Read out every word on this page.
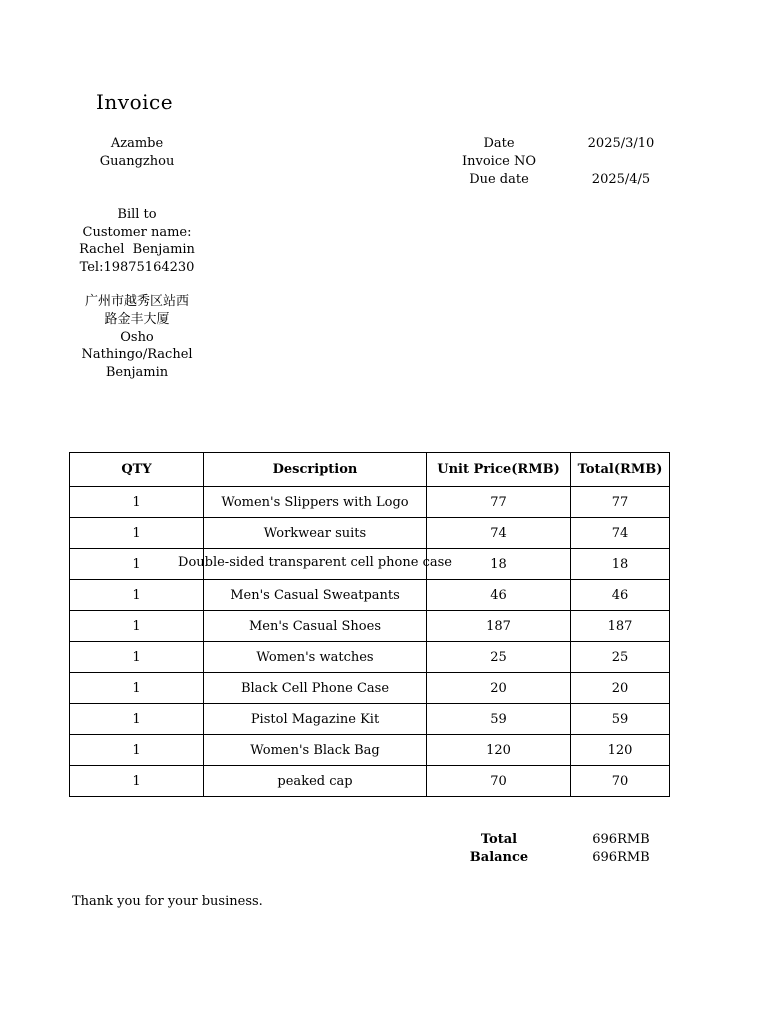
Invoice
Azambe
Guangzhou
Date	2025/3/10
Invoice NO
Due date	2025/4/5
Bill to
Customer name:
Rachel  Benjamin
Tel:19875164230
广州市越秀区站西
路金丰大厦
Osho
Nathingo/Rachel
Benjamin
QTY	Description	Unit Price(RMB)	Total(RMB)
1	Women's Slippers with Logo	77	77
1	Workwear suits	74	74
1	Double-sided transparent cell phone case	18	18
1	Men's Casual Sweatpants	46	46
1	Men's Casual Shoes	187	187
1	Women's watches	25	25
1	Black Cell Phone Case	20	20
1	Pistol Magazine Kit	59	59
1	Women's Black Bag	120	120
1	peaked cap	70	70
Total	696RMB
Balance	696RMB
Thank you for your business.
